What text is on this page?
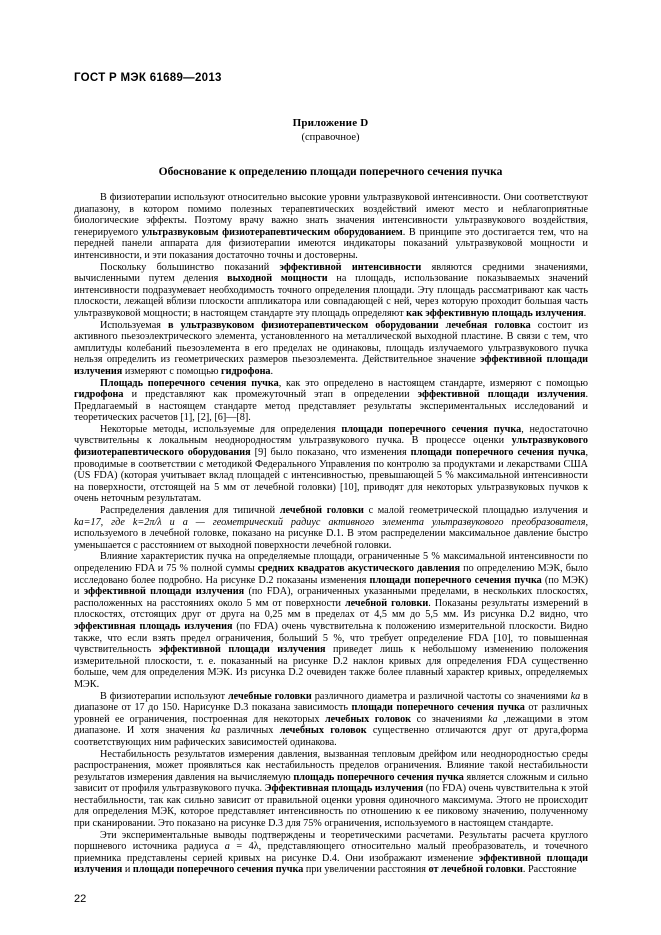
ГОСТ Р МЭК 61689—2013
Приложение D
(справочное)
Обоснование к определению площади поперечного сечения пучка

В физиотерапии используют относительно высокие уровни ультразвуковой интенсивности. Они соответствуют диапазону, в котором помимо полезных терапевтических воздействий имеют место и неблагоприятные биологические эффекты. Поэтому врачу важно знать значения интенсивности ультразвукового воздействия, генерируемого ультразвуковым физиотерапевтическим оборудованием. В принципе это достигается тем, что на передней панели аппарата для физиотерапии имеются индикаторы показаний ультразвуковой мощности и интенсивности, и эти показания достаточно точны и достоверны.

Поскольку большинство показаний эффективной интенсивности являются средними значениями, вычисленными путем деления выходной мощности на площадь, использование показываемых значений интенсивности подразумевает необходимость точного определения площади. Эту площадь рассматривают как часть плоскости, лежащей вблизи плоскости аппликатора или совпадающей с ней, через которую проходит большая часть ультразвуковой мощности; в настоящем стандарте эту площадь определяют как эффективную площадь излучения.

Используемая в ультразвуковом физиотерапевтическом оборудовании лечебная головка состоит из активного пьезоэлектрического элемента, установленного на металлической выходной пластине. В связи с тем, что амплитуды колебаний пьезоэлемента в его пределах не одинаковы, площадь излучаемого ультразвукового пучка нельзя определить из геометрических размеров пьезоэлемента. Действительное значение эффективной площади излучения измеряют с помощью гидрофона.

Площадь поперечного сечения пучка, как это определено в настоящем стандарте, измеряют с помощью гидрофона и представляют как промежуточный этап в определении эффективной площади излучения. Предлагаемый в настоящем стандарте метод представляет результаты экспериментальных исследований и теоретических расчетов [1], [2], [6]—[8].

Некоторые методы, используемые для определения площади поперечного сечения пучка, недостаточно чувствительны к локальным неоднородностям ультразвукового пучка. В процессе оценки ультразвукового физиотерапевтического оборудования [9] было показано, что изменения площади поперечного сечения пучка, проводимые в соответствии с методикой Федерального Управления по контролю за продуктами и лекарствами США (US FDA) (которая учитывает вклад площадей с интенсивностью, превышающей 5 % максимальной интенсивности на поверхности, отстоящей на 5 мм от лечебной головки) [10], приводят для некоторых ультразвуковых пучков к очень неточным результатам.

Распределения давления для типичной лечебной головки с малой геометрической площадью излучения и ka=17, где k=2π/λ и a — геометрический радиус активного элемента ультразвукового преобразователя, используемого в лечебной головке, показано на рисунке D.1. В этом распределении максимальное давление быстро уменьшается с расстоянием от выходной поверхности лечебной головки.

Влияние характеристик пучка на определяемые площади, ограниченные 5 % максимальной интенсивности по определению FDA и 75 % полной суммы средних квадратов акустического давления по определению МЭК, было исследовано более подробно. На рисунке D.2 показаны изменения площади поперечного сечения пучка (по МЭК) и эффективной площади излучения (по FDA), ограниченных указанными пределами, в нескольких плоскостях, расположенных на расстояниях около 5 мм от поверхности лечебной головки. Показаны результаты измерений в плоскостях, отстоящих друг от друга на 0,25 мм в пределах от 4,5 мм до 5,5 мм. Из рисунка D.2 видно, что эффективная площадь излучения (по FDA) очень чувствительна к положению измерительной плоскости. Видно также, что если взять предел ограничения, больший 5 %, что требует определение FDA [10], то повышенная чувствительность эффективной площади излучения приведет лишь к небольшому изменению положения измерительной плоскости, т. е. показанный на рисунке D.2 наклон кривых для определения FDA существенно больше, чем для определения МЭК. Из рисунка D.2 очевиден также более плавный характер кривых, определяемых МЭК.

В физиотерапии используют лечебные головки различного диаметра и различной частоты со значениями ka в диапазоне от 17 до 150. Нарисунке D.3 показана зависимость площади поперечного сечения пучка от различных уровней ее ограничения, построенная для некоторых лечебных головок со значениями ka ,лежащими в этом диапазоне. И хотя значения ka различных лечебных головок существенно отличаются друг от друга,форма соответствующих ним рафических зависимостей одинакова.

Нестабильность результатов измерения давления, вызванная тепловым дрейфом или неоднородностью среды распространения, может проявляться как нестабильность пределов ограничения. Влияние такой нестабильности результатов измерения давления на вычисляемую площадь поперечного сечения пучка является сложным и сильно зависит от профиля ультразвукового пучка. Эффективная площадь излучения (по FDA) очень чувствительна к этой нестабильности, так как сильно зависит от правильной оценки уровня одиночного максимума. Этого не происходит для определения МЭК, которое представляет интенсивность по отношению к ее пиковому значению, полученному при сканировании. Это показано на рисунке D.3 для 75% ограничения, используемого в настоящем стандарте.

Эти экспериментальные выводы подтверждены и теоретическими расчетами. Результаты расчета круглого поршневого источника радиуса a = 4λ, представляющего относительно малый преобразователь, и точечного приемника представлены серией кривых на рисунке D.4. Они изображают изменение эффективной площади излучения и площади поперечного сечения пучка при увеличении расстояния от лечебной головки. Расстояние

22
